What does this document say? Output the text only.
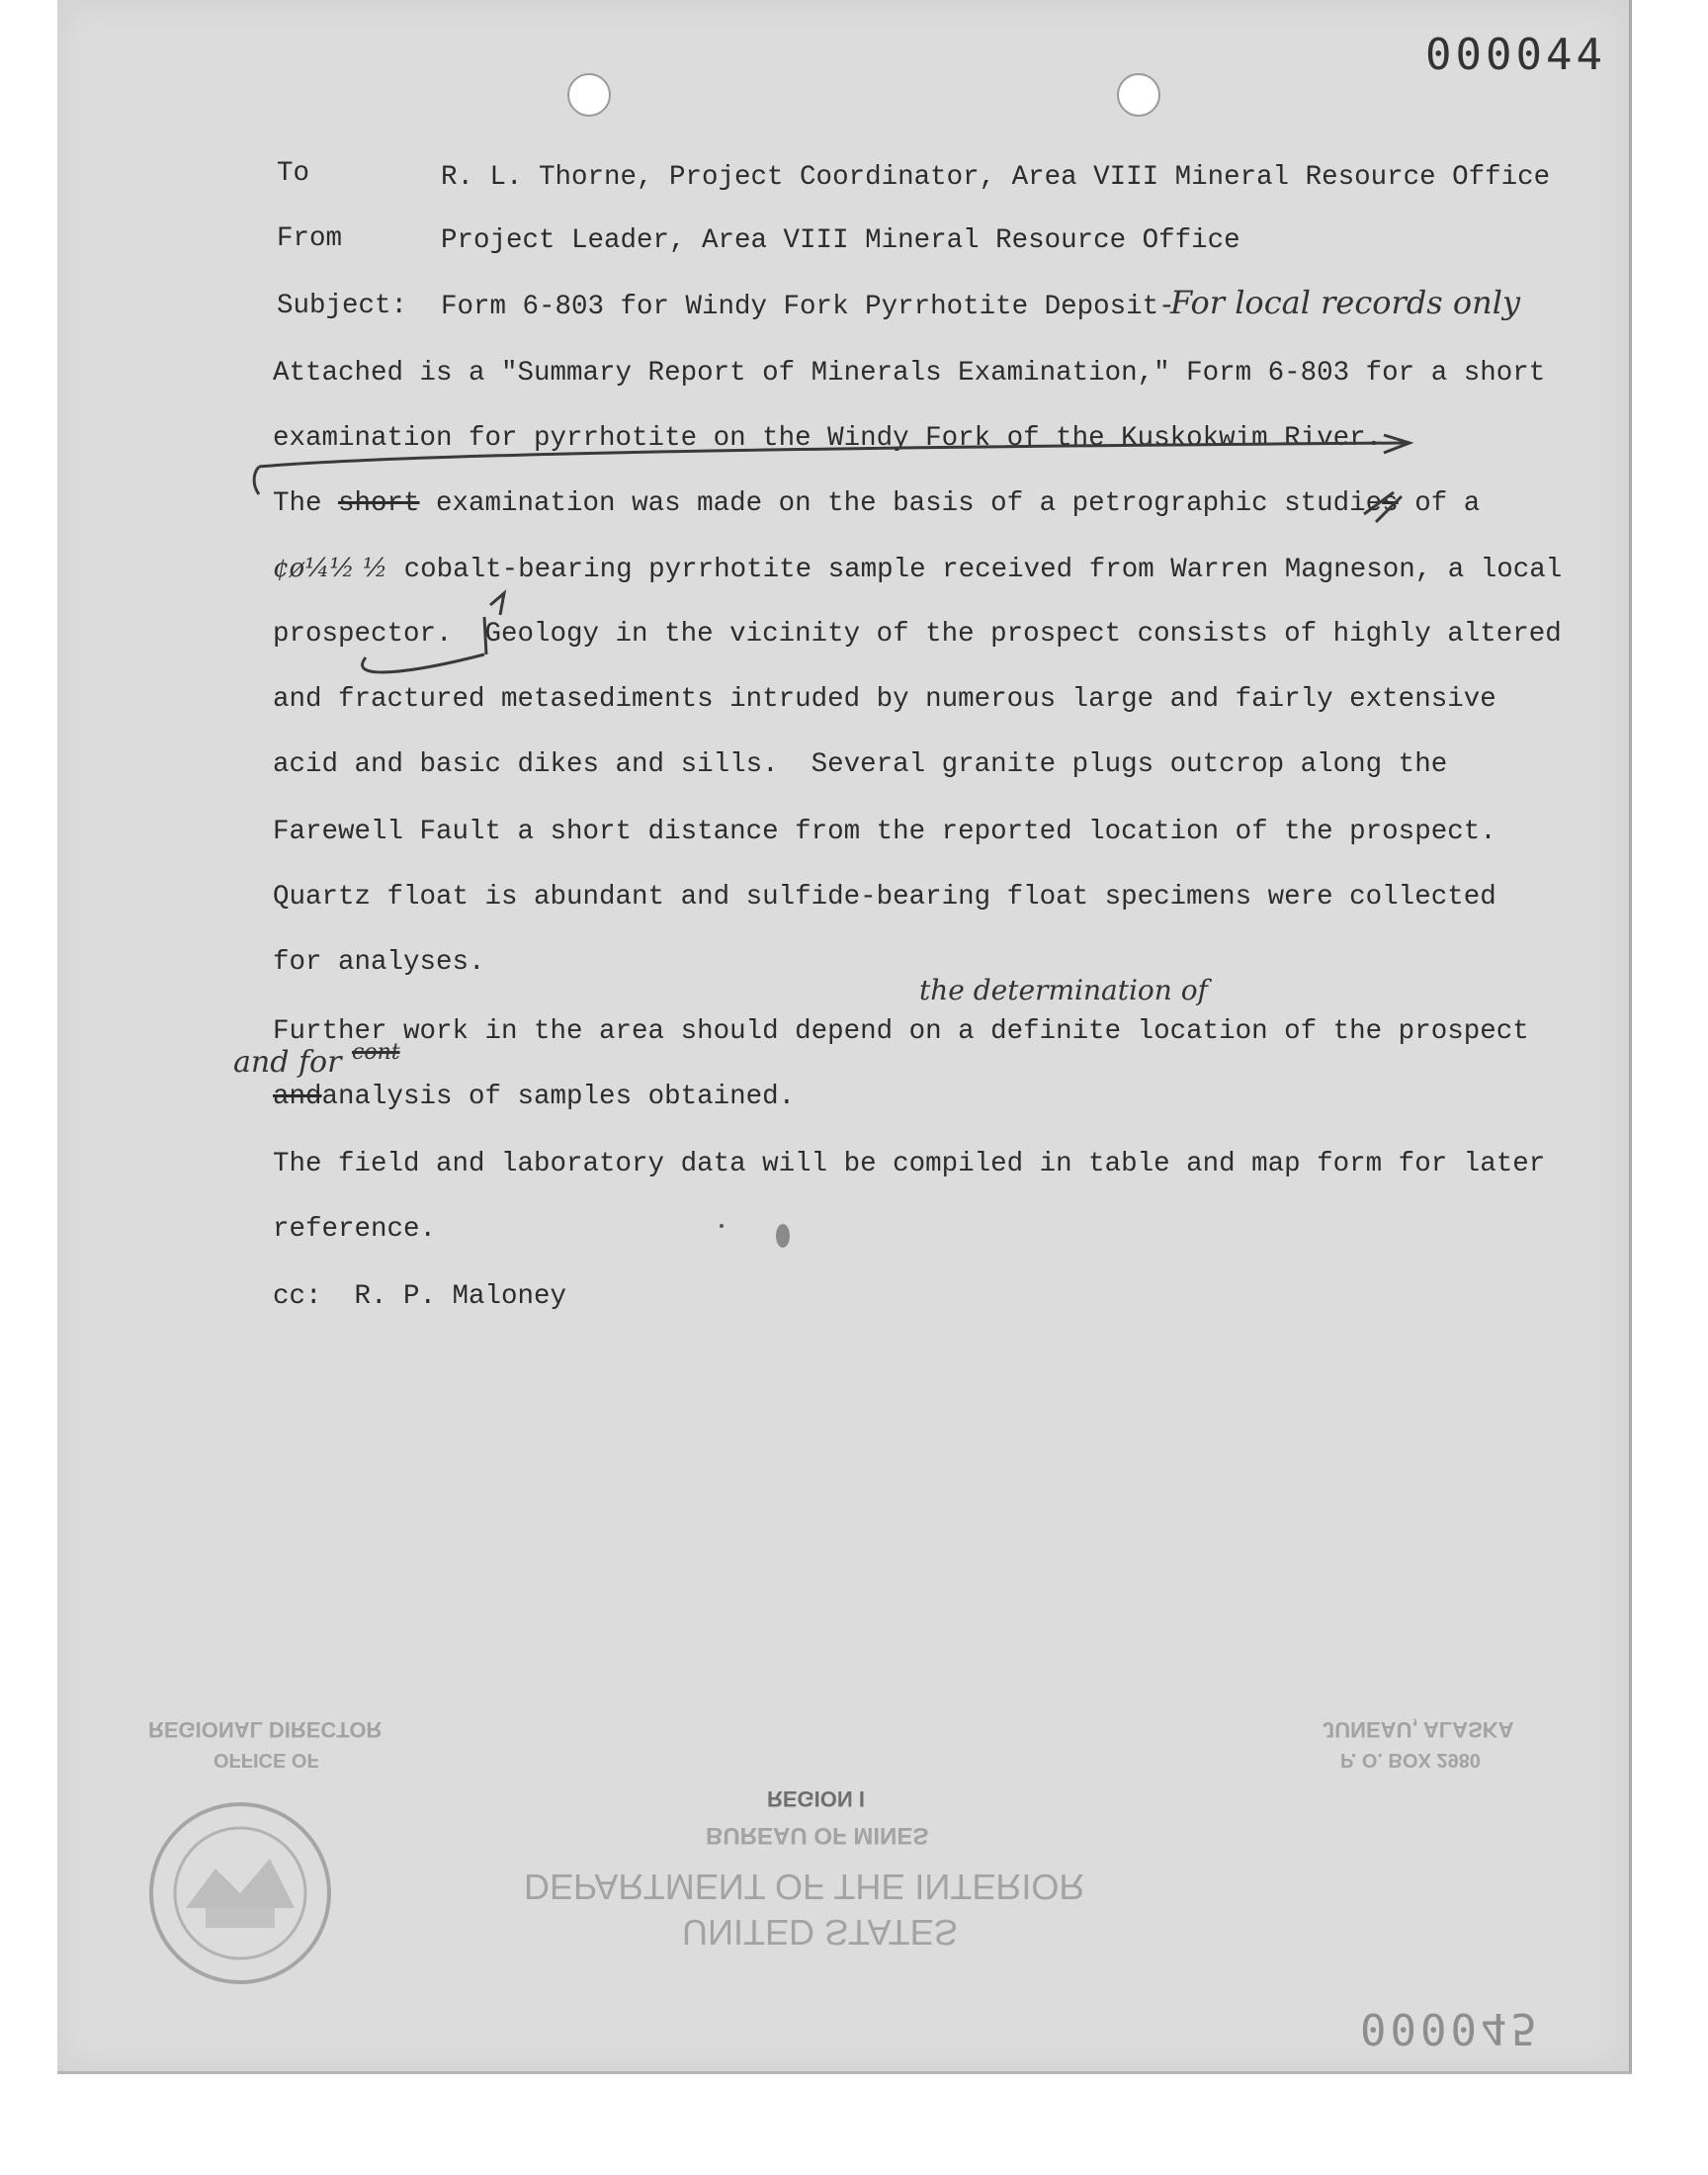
000044
To	R. L. Thorne, Project Coordinator, Area VIII Mineral Resource Office
From	Project Leader, Area VIII Mineral Resource Office
Subject: Form 6-803 for Windy Fork Pyrrhotite Deposit-
For local records only
Attached is a "Summary Report of Minerals Examination," Form 6-803 for a short
examination for pyrrhotite on the Windy Fork of the Kuskokwim River.
The short examination was made on the basis of a petrographic studies of a
¢ø¼½ ½ cobalt-bearing pyrrhotite sample received from Warren Magneson, a local
prospector.  Geology in the vicinity of the prospect consists of highly altered
and fractured metasediments intruded by numerous large and fairly extensive
acid and basic dikes and sills.  Several granite plugs outcrop along the
Farewell Fault a short distance from the reported location of the prospect.
Quartz float is abundant and sulfide-bearing float specimens were collected
for analyses.
the determination of
Further work in the area should depend on a definite location of the prospect
and for cont
andanalysis of samples obtained.
The field and laboratory data will be compiled in table and map form for later
reference.
cc:  R. P. Maloney
REGIONAL DIRECTOR
OFFICE OF
JUNEAU, ALASKA
P. O. BOX 2980
REGION I
BUREAU OF MINES
DEPARTMENT OF THE INTERIOR
UNITED STATES
000045
